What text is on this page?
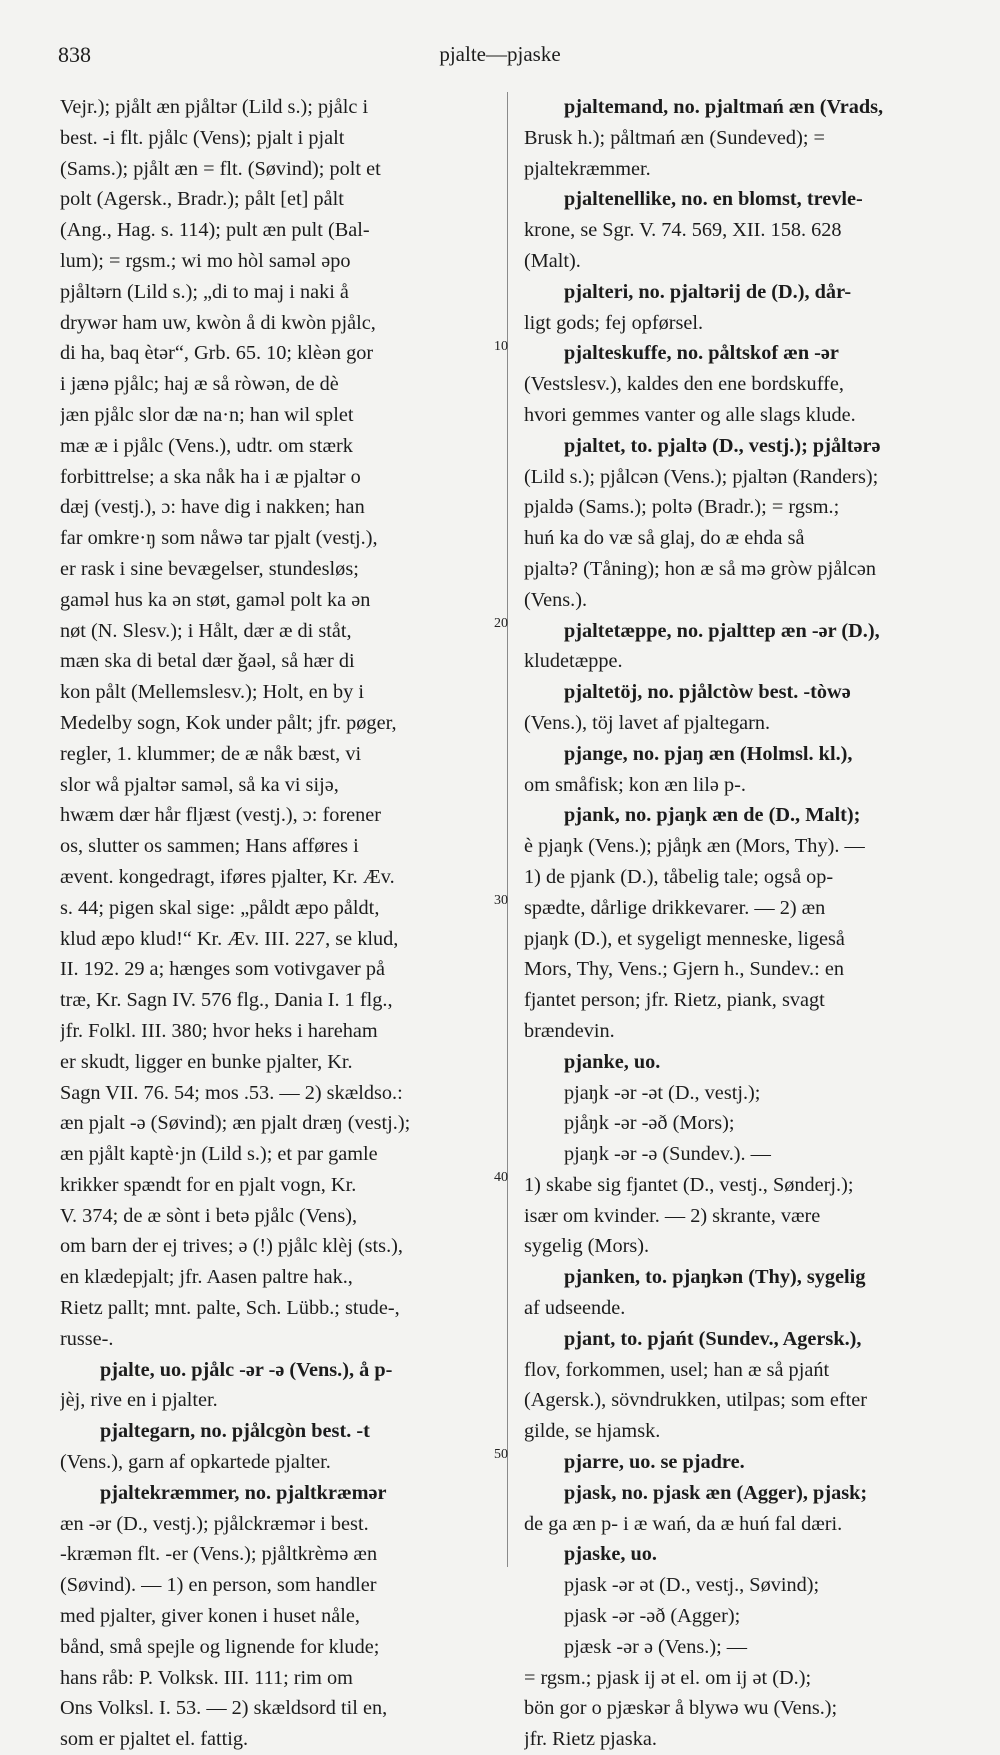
838	pjalte—pjaske
Vejr.); pjålt æn pjåltər (Lild s.); pjålc i
best. -i flt. pjålc (Vens); pjalt i pjalt
(Sams.); pjålt æn = flt. (Søvind); polt et
polt (Agersk., Bradr.); pålt [et] pålt
(Ang., Hag. s. 114); pult æn pult (Bal-
lum); = rgsm.; wi mo hòl saməl əpo
pjåltərn (Lild s.); „di to maj i naki å
drywər ham uw, kwòn å di kwòn pjålc,
di ha, baq ètər“, Grb. 65. 10; klèən gor
i jænə pjålc; haj æ så ròwən, de dè
jæn pjålc slor dæ na·n; han wil splet
mæ æ i pjålc (Vens.), udtr. om stærk
forbittrelse; a ska nåk ha i æ pjaltər o
dæj (vestj.), ɔ: have dig i nakken; han
far omkre·ŋ som nåwə tar pjalt (vestj.),
er rask i sine bevægelser, stundesløs;
gaməl hus ka ən støt, gaməl polt ka ən
nøt (N. Slesv.); i Hålt, dær æ di ståt,
mæn ska di betal dær ǧaəl, så hær di
kon pålt (Mellemslesv.); Holt, en by i
Medelby sogn, Kok under pålt; jfr. pøger,
regler, 1. klummer; de æ nåk bæst, vi
slor wå pjaltər saməl, så ka vi sijə,
hwæm dær hår fljæst (vestj.), ɔ: forener
os, slutter os sammen; Hans afføres i
ævent. kongedragt, iføres pjalter, Kr. Æv.
s. 44; pigen skal sige: „påldt æpo påldt,
klud æpo klud!“ Kr. Æv. III. 227, se klud,
II. 192. 29 a; hænges som votivgaver på
træ, Kr. Sagn IV. 576 flg., Dania I. 1 flg.,
jfr. Folkl. III. 380; hvor heks i hareham
er skudt, ligger en bunke pjalter, Kr.
Sagn VII. 76. 54; mos .53. — 2) skældso.:
æn pjalt -ə (Søvind); æn pjalt dræŋ (vestj.);
æn pjålt kaptè·jn (Lild s.); et par gamle
krikker spændt for en pjalt vogn, Kr.
V. 374; de æ sònt i betə pjålc (Vens),
om barn der ej trives; ə (!) pjålc klèj (sts.),
en klædepjalt; jfr. Aasen paltre hak.,
Rietz pallt; mnt. palte, Sch. Lübb.; stude-,
russe-.
pjalte, uo. pjålc -ər -ə (Vens.), å p-
jèj, rive en i pjalter.
pjaltegarn, no. pjålcgòn best. -t
(Vens.), garn af opkartede pjalter.
pjaltekræmmer, no. pjaltkræmər
æn -ər (D., vestj.); pjålckræmər i best.
-kræmən flt. -er (Vens.); pjåltkrèmə æn
(Søvind). — 1) en person, som handler
med pjalter, giver konen i huset nåle,
bånd, små spejle og lignende for klude;
hans råb: P. Volksk. III. 111; rim om
Ons Volksl. I. 53. — 2) skældsord til en,
som er pjaltet el. fattig.
10
20
30
40
50
pjaltemand, no. pjaltmań æn (Vrads,
Brusk h.); påltmań æn (Sundeved); =
pjaltekræmmer.
pjaltenellike, no. en blomst, trevle-
krone, se Sgr. V. 74. 569, XII. 158. 628
(Malt).
pjalteri, no. pjaltərij de (D.), dår-
ligt gods; fej opførsel.
pjalteskuffe, no. påltskof æn -ər
(Vestslesv.), kaldes den ene bordskuffe,
hvori gemmes vanter og alle slags klude.
pjaltet, to. pjaltə (D., vestj.); pjåltərə
(Lild s.); pjålcən (Vens.); pjaltən (Randers);
pjaldə (Sams.); poltə (Bradr.); = rgsm.;
huń ka do væ så glaj, do æ ehda så
pjaltə? (Tåning); hon æ så mə gròw pjålcən
(Vens.).
pjaltetæppe, no. pjalttep æn -ər (D.),
kludetæppe.
pjaltetöj, no. pjålctòw best. -tòwə
(Vens.), töj lavet af pjaltegarn.
pjange, no. pjaŋ æn (Holmsl. kl.),
om småfisk; kon æn lilə p-.
pjank, no. pjaŋk æn de (D., Malt);
è pjaŋk (Vens.); pjåŋk æn (Mors, Thy). —
1) de pjank (D.), tåbelig tale; også op-
spædte, dårlige drikkevarer. — 2) æn
pjaŋk (D.), et sygeligt menneske, ligeså
Mors, Thy, Vens.; Gjern h., Sundev.: en
fjantet person; jfr. Rietz, piank, svagt
brændevin.
pjanke, uo.
pjaŋk -ər -ət (D., vestj.);
pjåŋk -ər -əð (Mors);
pjaŋk -ər -ə (Sundev.). —
1) skabe sig fjantet (D., vestj., Sønderj.);
især om kvinder. — 2) skrante, være
sygelig (Mors).
pjanken, to. pjaŋkən (Thy), sygelig
af udseende.
pjant, to. pjańt (Sundev., Agersk.),
flov, forkommen, usel; han æ så pjańt
(Agersk.), sövndrukken, utilpas; som efter
gilde, se hjamsk.
pjarre, uo. se pjadre.
pjask, no. pjask æn (Agger), pjask;
de ga æn p- i æ wań, da æ huń fal dæri.
pjaske, uo.
pjask -ər ət (D., vestj., Søvind);
pjask -ər -əð (Agger);
pjæsk -ər ə (Vens.); —
= rgsm.; pjask ij ət el. om ij ət (D.);
bön gor o pjæskər å blywə wu (Vens.);
jfr. Rietz pjaska.
